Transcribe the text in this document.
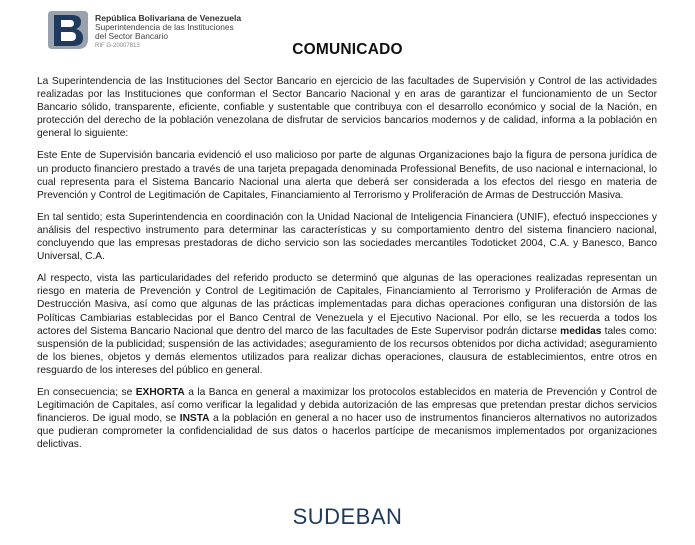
República Bolivariana de Venezuela
Superintendencia de las Instituciones
del Sector Bancario
RIF G-20007813	COMUNICADO

La Superintendencia de las Instituciones del Sector Bancario en ejercicio de las facultades de Supervisión y Control de las actividades realizadas por las Instituciones que conforman el Sector Bancario Nacional y en aras de garantizar el funcionamiento de un Sector Bancario sólido, transparente, eficiente, confiable y sustentable que contribuya con el desarrollo económico y social de la Nación, en protección del derecho de la población venezolana de disfrutar de servicios bancarios modernos y de calidad, informa a la población en general lo siguiente:

Este Ente de Supervisión bancaria evidenció el uso malicioso por parte de algunas Organizaciones bajo la figura de persona jurídica de un producto financiero prestado a través de una tarjeta prepagada denominada Professional Benefits, de uso nacional e internacional, lo cual representa para el Sistema Bancario Nacional una alerta que deberá ser considerada a los efectos del riesgo en materia de Prevención y Control de Legitimación de Capitales, Financiamiento al Terrorismo y Proliferación de Armas de Destrucción Masiva.

En tal sentido; esta Superintendencia en coordinación con la Unidad Nacional de Inteligencia Financiera (UNIF), efectuó inspecciones y análisis del respectivo instrumento para determinar las características y su comportamiento dentro del sistema financiero nacional, concluyendo que las empresas prestadoras de dicho servicio son las sociedades mercantiles Todoticket 2004, C.A. y Banesco, Banco Universal, C.A.

Al respecto, vista las particularidades del referido producto se determinó que algunas de las operaciones realizadas representan un riesgo en materia de Prevención y Control de Legitimación de Capitales, Financiamiento al Terrorismo y Proliferación de Armas de Destrucción Masiva, así como que algunas de las prácticas implementadas para dichas operaciones configuran una distorsión de las Políticas Cambiarias establecidas por el Banco Central de Venezuela y el Ejecutivo Nacional. Por ello, se les recuerda a todos los actores del Sistema Bancario Nacional que dentro del marco de las facultades de Este Supervisor podrán dictarse medidas tales como: suspensión de la publicidad; suspensión de las actividades; aseguramiento de los recursos obtenidos por dicha actividad; aseguramiento de los bienes, objetos y demás elementos utilizados para realizar dichas operaciones, clausura de establecimientos, entre otros en resguardo de los intereses del público en general.

En consecuencia; se EXHORTA a la Banca en general a maximizar los protocolos establecidos en materia de Prevención y Control de Legitimación de Capitales, así como verificar la legalidad y debida autorización de las empresas que pretendan prestar dichos servicios financieros. De igual modo, se INSTA a la población en general a no hacer uso de instrumentos financieros alternativos no autorizados que pudieran comprometer la confidencialidad de sus datos o hacerlos partícipe de mecanismos implementados por organizaciones delictivas.

SUDEBAN
